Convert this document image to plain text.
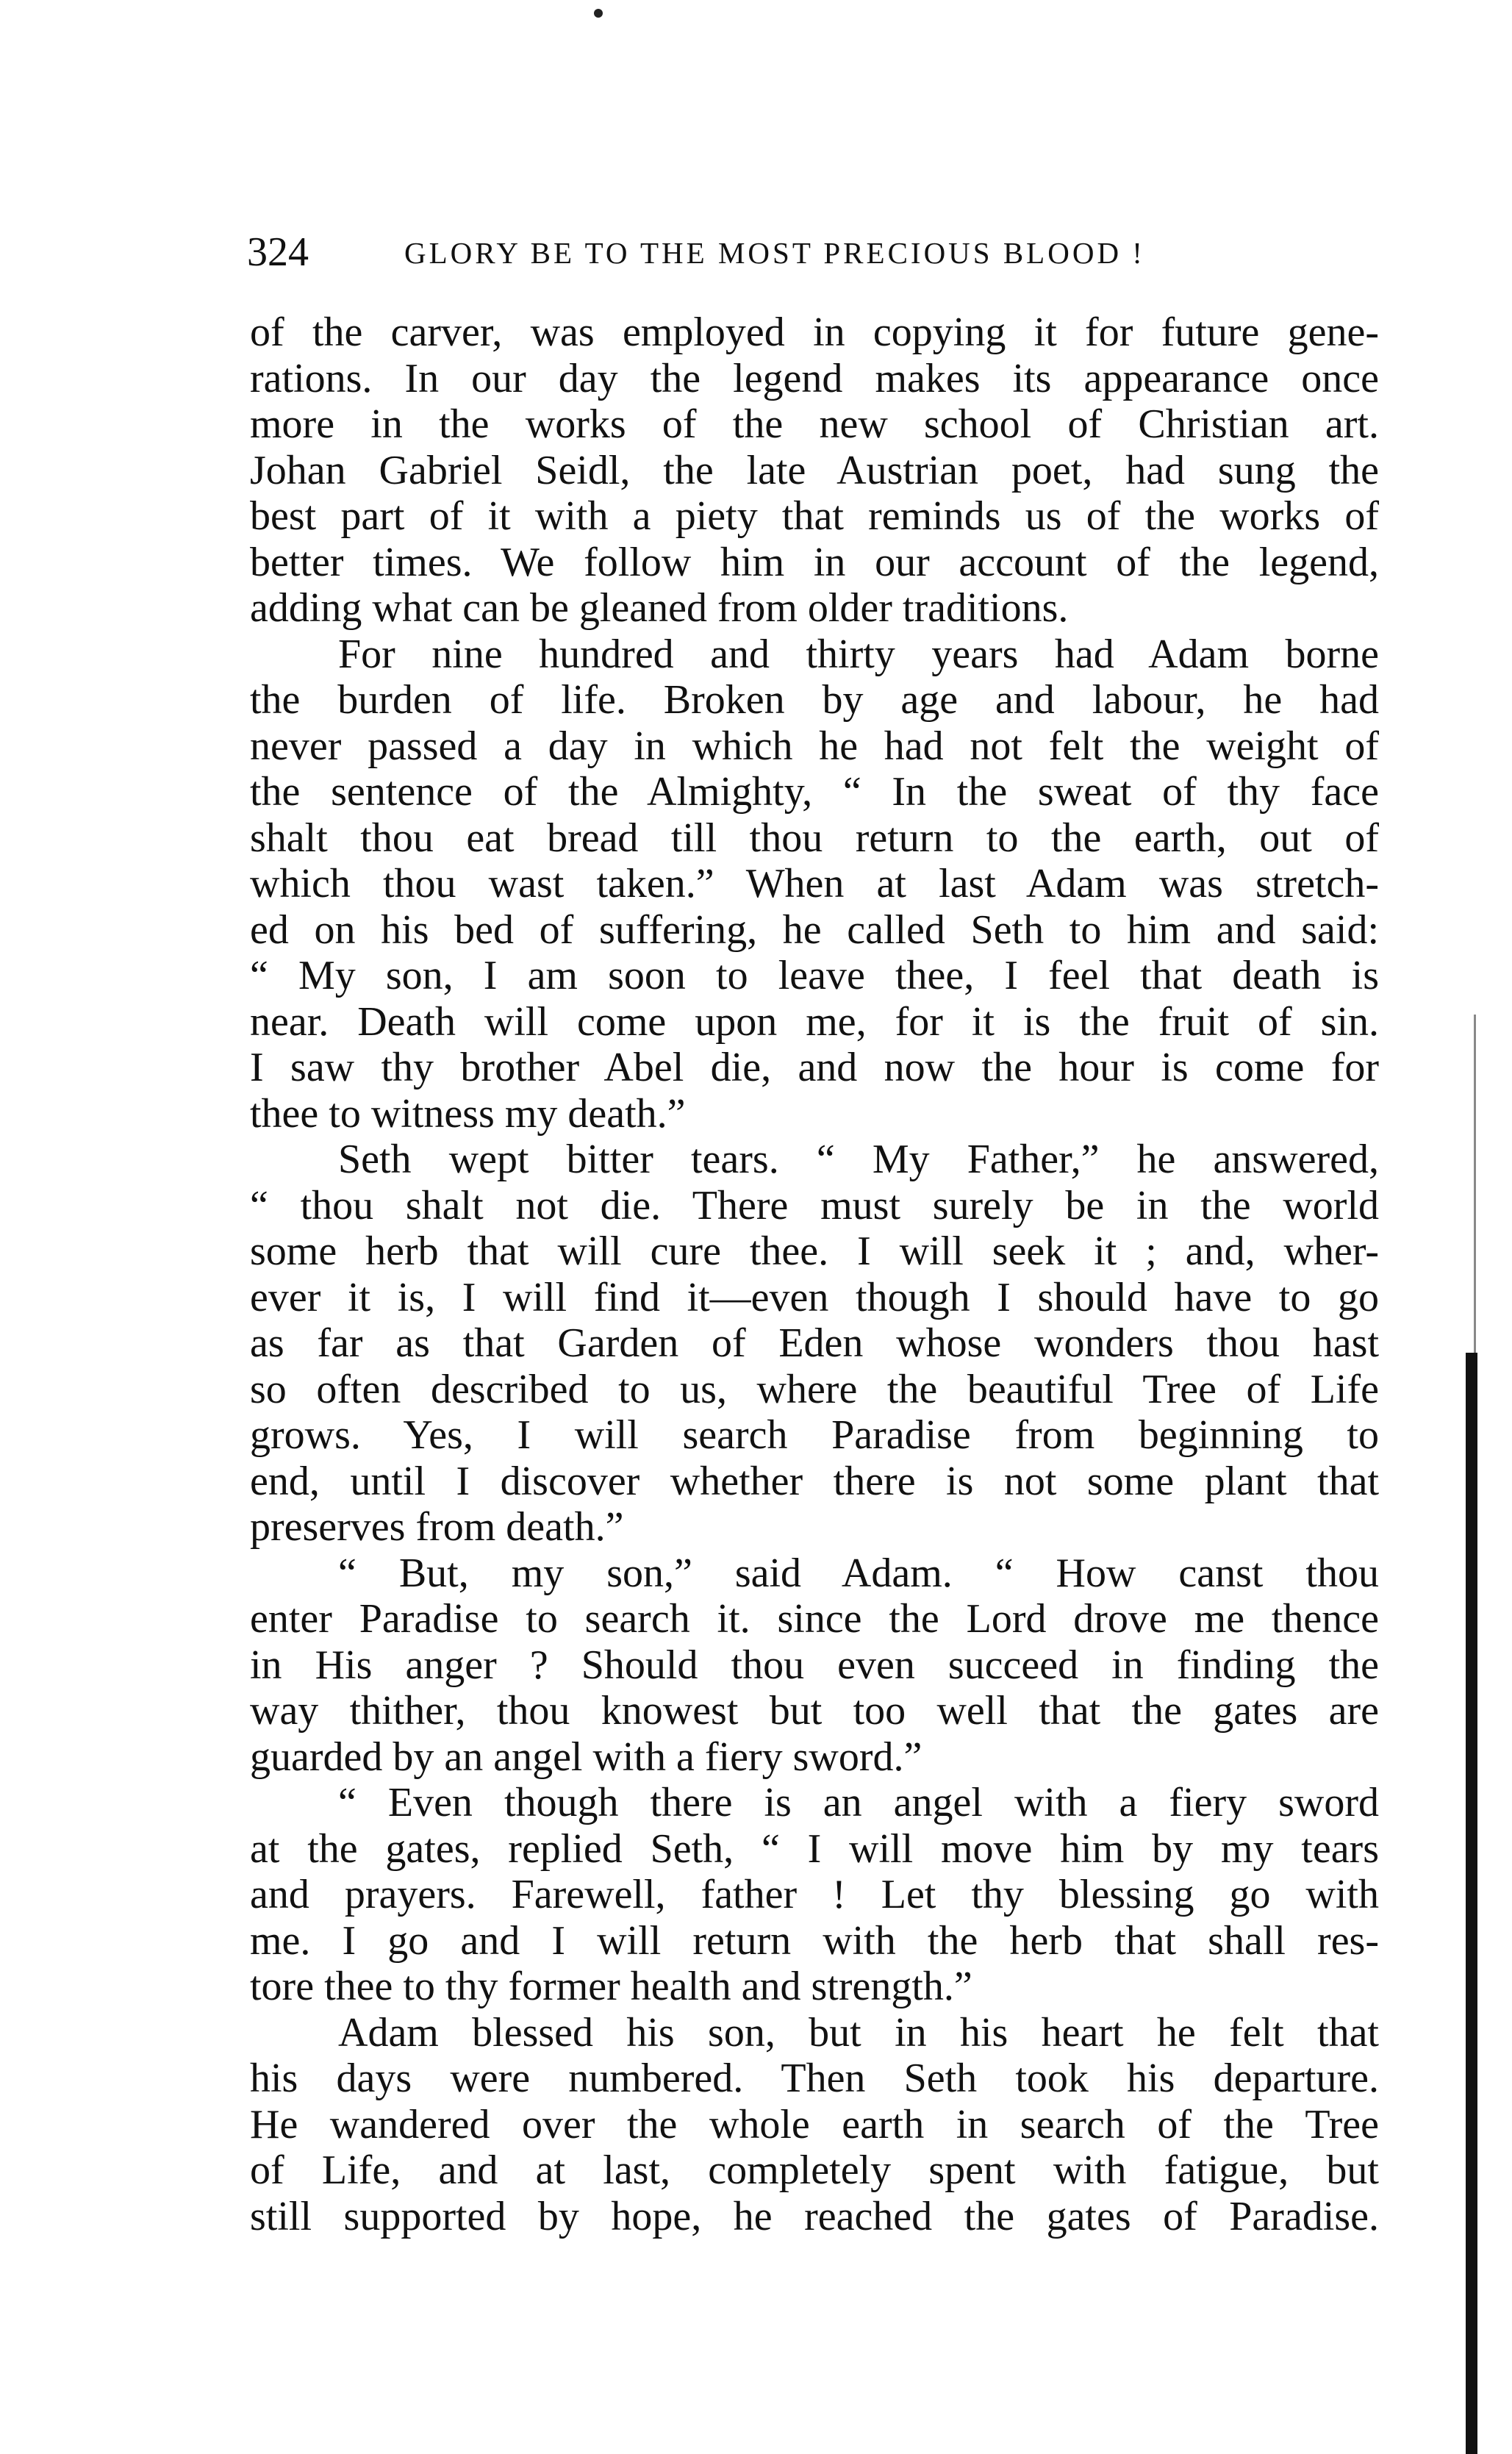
324	GLORY BE TO THE MOST PRECIOUS BLOOD !
of the carver, was employed in copying it for future gene-
rations. In our day the legend makes its appearance once
more in the works of the new school of Christian art.
Johan Gabriel Seidl, the late Austrian poet, had sung the
best part of it with a piety that reminds us of the works of
better times. We follow him in our account of the legend,
adding what can be gleaned from older traditions.
For nine hundred and thirty years had Adam borne
the burden of life. Broken by age and labour, he had
never passed a day in which he had not felt the weight of
the sentence of the Almighty, “ In the sweat of thy face
shalt thou eat bread till thou return to the earth, out of
which thou wast taken.” When at last Adam was stretch-
ed on his bed of suffering, he called Seth to him and said:
“ My son, I am soon to leave thee, I feel that death is
near. Death will come upon me, for it is the fruit of sin.
I saw thy brother Abel die, and now the hour is come for
thee to witness my death.”
Seth wept bitter tears. “ My Father,” he answered,
“ thou shalt not die. There must surely be in the world
some herb that will cure thee. I will seek it ; and, wher-
ever it is, I will find it—even though I should have to go
as far as that Garden of Eden whose wonders thou hast
so often described to us, where the beautiful Tree of Life
grows. Yes, I will search Paradise from beginning to
end, until I discover whether there is not some plant that
preserves from death.”
“ But, my son,” said Adam. “ How canst thou
enter Paradise to search it. since the Lord drove me thence
in His anger ? Should thou even succeed in finding the
way thither, thou knowest but too well that the gates are
guarded by an angel with a fiery sword.”
“ Even though there is an angel with a fiery sword
at the gates, replied Seth, “ I will move him by my tears
and prayers. Farewell, father ! Let thy blessing go with
me. I go and I will return with the herb that shall res-
tore thee to thy former health and strength.”
Adam blessed his son, but in his heart he felt that
his days were numbered. Then Seth took his departure.
He wandered over the whole earth in search of the Tree
of Life, and at last, completely spent with fatigue, but
still supported by hope, he reached the gates of Paradise.
